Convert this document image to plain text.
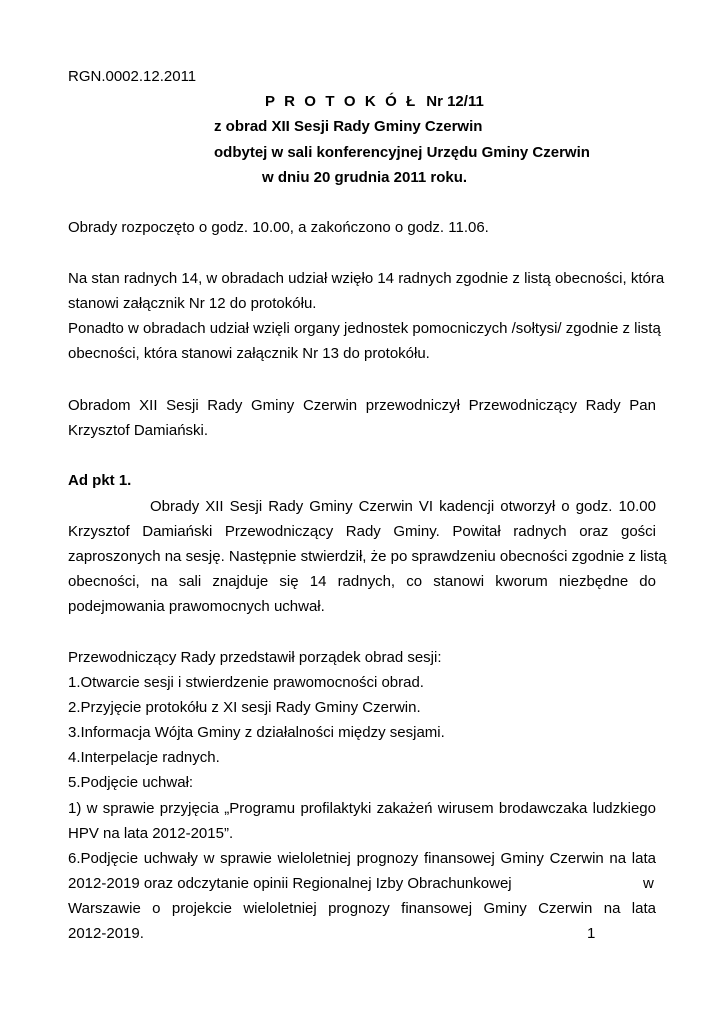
RGN.0002.12.2011
P R O T O K Ó Ł Nr 12/11
z obrad XII Sesji Rady Gminy Czerwin
odbytej w sali konferencyjnej Urzędu Gminy Czerwin
w dniu 20 grudnia 2011 roku.
Obrady rozpoczęto o godz. 10.00, a zakończono o godz. 11.06.
Na stan radnych 14, w obradach udział wzięło 14 radnych zgodnie z listą obecności, która
stanowi załącznik Nr 12 do protokółu.
Ponadto w obradach udział wzięli organy jednostek pomocniczych /sołtysi/ zgodnie z listą
obecności, która stanowi załącznik Nr 13 do protokółu.
Obradom XII Sesji Rady Gminy Czerwin przewodniczył Przewodniczący Rady Pan
Krzysztof Damiański.
Ad pkt 1.
Obrady XII Sesji Rady Gminy Czerwin VI kadencji otworzył o godz. 10.00
Krzysztof Damiański Przewodniczący Rady Gminy. Powitał radnych oraz gości
zaproszonych na sesję. Następnie stwierdził, że po sprawdzeniu obecności zgodnie z listą
obecności, na sali znajduje się 14 radnych, co stanowi kworum niezbędne do
podejmowania prawomocnych uchwał.
Przewodniczący Rady przedstawił porządek obrad sesji:
1.Otwarcie sesji i stwierdzenie prawomocności obrad.
2.Przyjęcie protokółu z XI sesji Rady Gminy Czerwin.
3.Informacja Wójta Gminy z działalności między sesjami.
4.Interpelacje radnych.
5.Podjęcie uchwał:
1) w sprawie przyjęcia „Programu profilaktyki zakażeń wirusem brodawczaka ludzkiego
HPV na lata 2012-2015”.
6.Podjęcie uchwały w sprawie wieloletniej prognozy finansowej Gminy Czerwin na lata
2012-2019 oraz odczytanie opinii Regionalnej Izby Obrachunkowej	w
Warszawie o projekcie wieloletniej prognozy finansowej Gminy Czerwin na lata
2012-2019.	1
